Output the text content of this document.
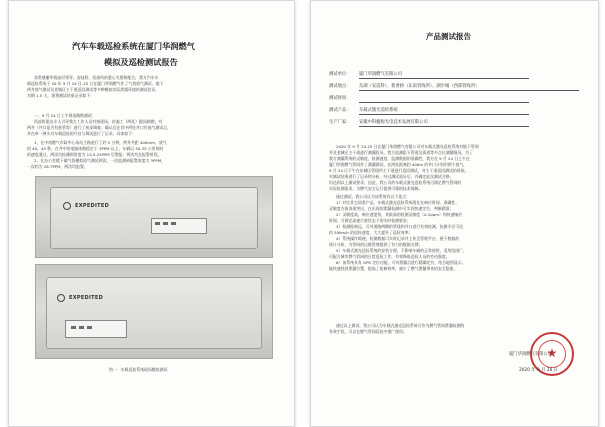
汽车车载巡检系统在厦门华润燃气
模拟及巡检测试报告
非常感谢华润高层领导、安技科、西部所的悉心关照和配合，我方汽车车
载巡检系统于 20 年 9 月 24 日-25 日在厦门华润燃气作了气袋放气测试，地下
两井放气测试及老城区主干道巡回测试等多种模拟实际泄露环境的测试验证，
为期 1.5 天，现将测试结果记录如下：
一、9 月 24 日上午现场踏勘测试：
西部所派出专人引导我方工作人员对接现场，由施工（两处）跟同踏勘，对
两井（井口是否有套管等）进行了初步调查，确认后在其中两处井口作放气测试点，
并在单一弹头对车载巡检的开启与调试进行了记录，具体如下：
1、在中南燃气市政中心场站主路进行了约 5 分钟，两井共距 400mm，放气
约 40、45 秒，在井中的电脑读数稳定于 3PPM 以上，车辆以 30-35 公里每时
的速度通过，两次均检测到浓度为 13.5-25PPM 后警报；两次均在报警时段。
2、在办公室楼下做气袋模拟放气测试两次，一次监测到报警浓度为 3PPM，
一次约为 26.7PPM，两次均报警。
EXPEDITED
EXPEDITED
图一：车载巡检系统现场模拟测试
产品测试报告
测试单位： 厦门华润燃气有限公司
测试地点： 东湖（安技科）、新香桥（东南管线所）、湖少城（西部管线所）
测试时间：
测试产品： 车载式激光巡检系统
生产厂家： 安徽中科楹梅光电技术发展有限公司
2020 年 9 月 24-25 日在厦门华润燃气有限公司对车载式激光巡检系统对地下管网
井及老城区主干道进行测漏验证，我方监测组下管道及街道等多点位测漏情况，为了
我方测漏系统的灵敏度，检测速度、监测数据的准确性，我方在 9 月 24 日上午在
厦门华润燃气管网作了测漏测试，在两处距离约 400m 的井口分别用两个放气，
9 月 24 日下午在东城区管线所主干道进行巡回测试，对主干道巡回测试的时候，
对测试结果进行了记录和分析，经过测试验证后，并确定此次测试合格，
均达到以上测试要求，因此，我公司的车载式激光巡检系统可满足燃气管网的
实际检测需求，为燃气安全运行提供可靠的技术保障。
通过测试，我公司认为该系统有以下优点：
1）对比其它同类产品，车载式激光巡检系统现在在响应时间、准确性、
灵敏度方面表现突出，在出现的泄漏检测中可实现快速定位，判断精准；
2）灵敏度高，响应速度快，其极高的检测灵敏度（0.1ppm）和快速响应
时间，可满足高速行驶状态下的实时检测要求；
3）检测距离远，可对道路两侧的管线和井口进行有效检测，检测半径可达
约 50km/h 的巡检速度，大大提升了巡检效率；
4）系统操作简便，检测数据可实时记录并上传至管理平台，便于数据的
统计分析，为管网的运维管理提供了有力的数据支撑；
5）车载式激光巡检系统的安装方便，不影响车辆的正常使用，适用范围广，
可配合城市燃气管网的日常巡检工作，有效降低巡检人员的劳动强度。
6）该系统具有 GPS 定位功能，可对泄漏点进行精确定位，结合地图显示，
能快速找到泄漏位置，提高了抢修效率，减少了燃气泄漏带来的安全隐患。
通过以上测试，我公司认为车载式激光巡检系统可作为燃气管网泄漏检测的
有效手段，可以在燃气管网巡检中推广使用。
★
厦门华润燃气有限公司
2020 年 9 月 28 日
